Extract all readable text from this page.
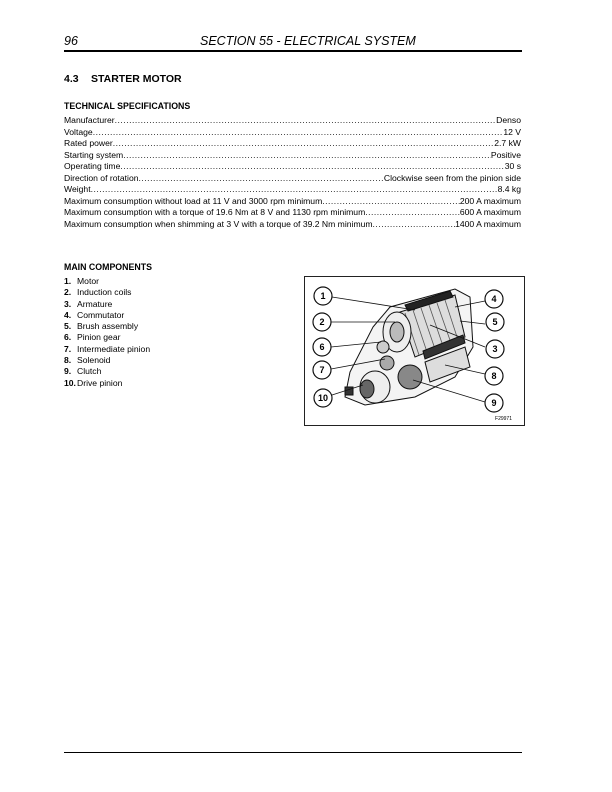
96	SECTION 55 - ELECTRICAL SYSTEM
4.3 STARTER MOTOR
TECHNICAL SPECIFICATIONS
Manufacturer .....	Denso
Voltage .....	12 V
Rated power .....	2.7 kW
Starting system .....	Positive
Operating time .....	30 s
Direction of rotation .....	Clockwise seen from the pinion side
Weight .....	8.4 kg
Maximum consumption without load at 11 V and 3000 rpm minimum .....	200 A maximum
Maximum consumption with a torque of 19.6 Nm at 8 V and 1130 rpm minimum .....	600 A maximum
Maximum consumption when shimming at 3 V with a torque of 39.2 Nm minimum .....	1400 A maximum
MAIN COMPONENTS
1. Motor
2. Induction coils
3. Armature
4. Commutator
5. Brush assembly
6. Pinion gear
7. Intermediate pinion
8. Solenoid
9. Clutch
10.Drive pinion
1
2
6
7
10
4
5
3
8
9
F29971
